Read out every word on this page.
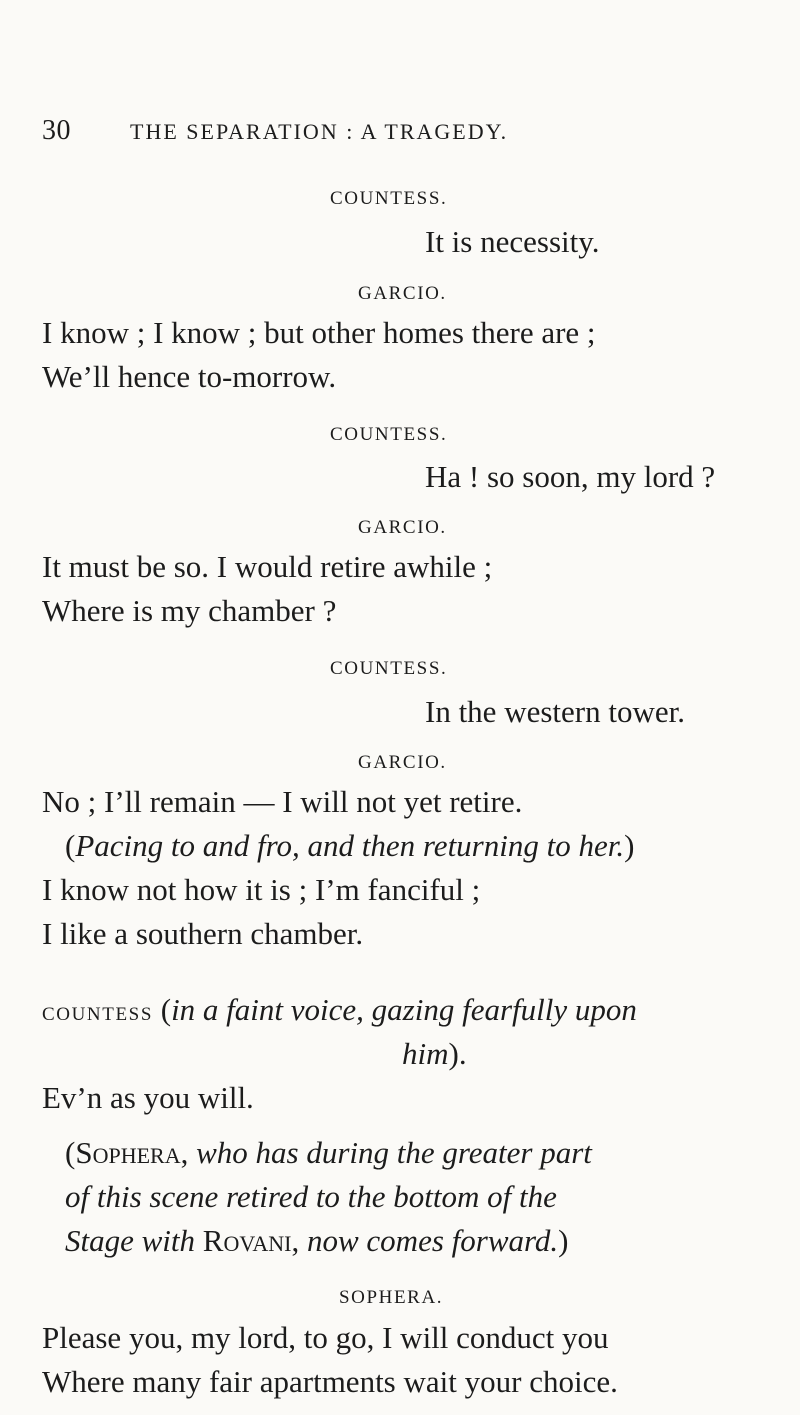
30	THE SEPARATION : A TRAGEDY.
COUNTESS.
It is necessity.
GARCIO.
I know ; I know ; but other homes there are ;
We’ll hence to-morrow.
COUNTESS.
Ha ! so soon, my lord ?
GARCIO.
It must be so. I would retire awhile ;
Where is my chamber ?
COUNTESS.
In the western tower.
GARCIO.
No ; I’ll remain — I will not yet retire.
(Pacing to and fro, and then returning to her.)
I know not how it is ; I’m fanciful ;
I like a southern chamber.
COUNTESS (in a faint voice, gazing fearfully upon
him).
Ev’n as you will.
(Sophera, who has during the greater part
of this scene retired to the bottom of the
Stage with Rovani, now comes forward.)
SOPHERA.
Please you, my lord, to go, I will conduct you
Where many fair apartments wait your choice.
